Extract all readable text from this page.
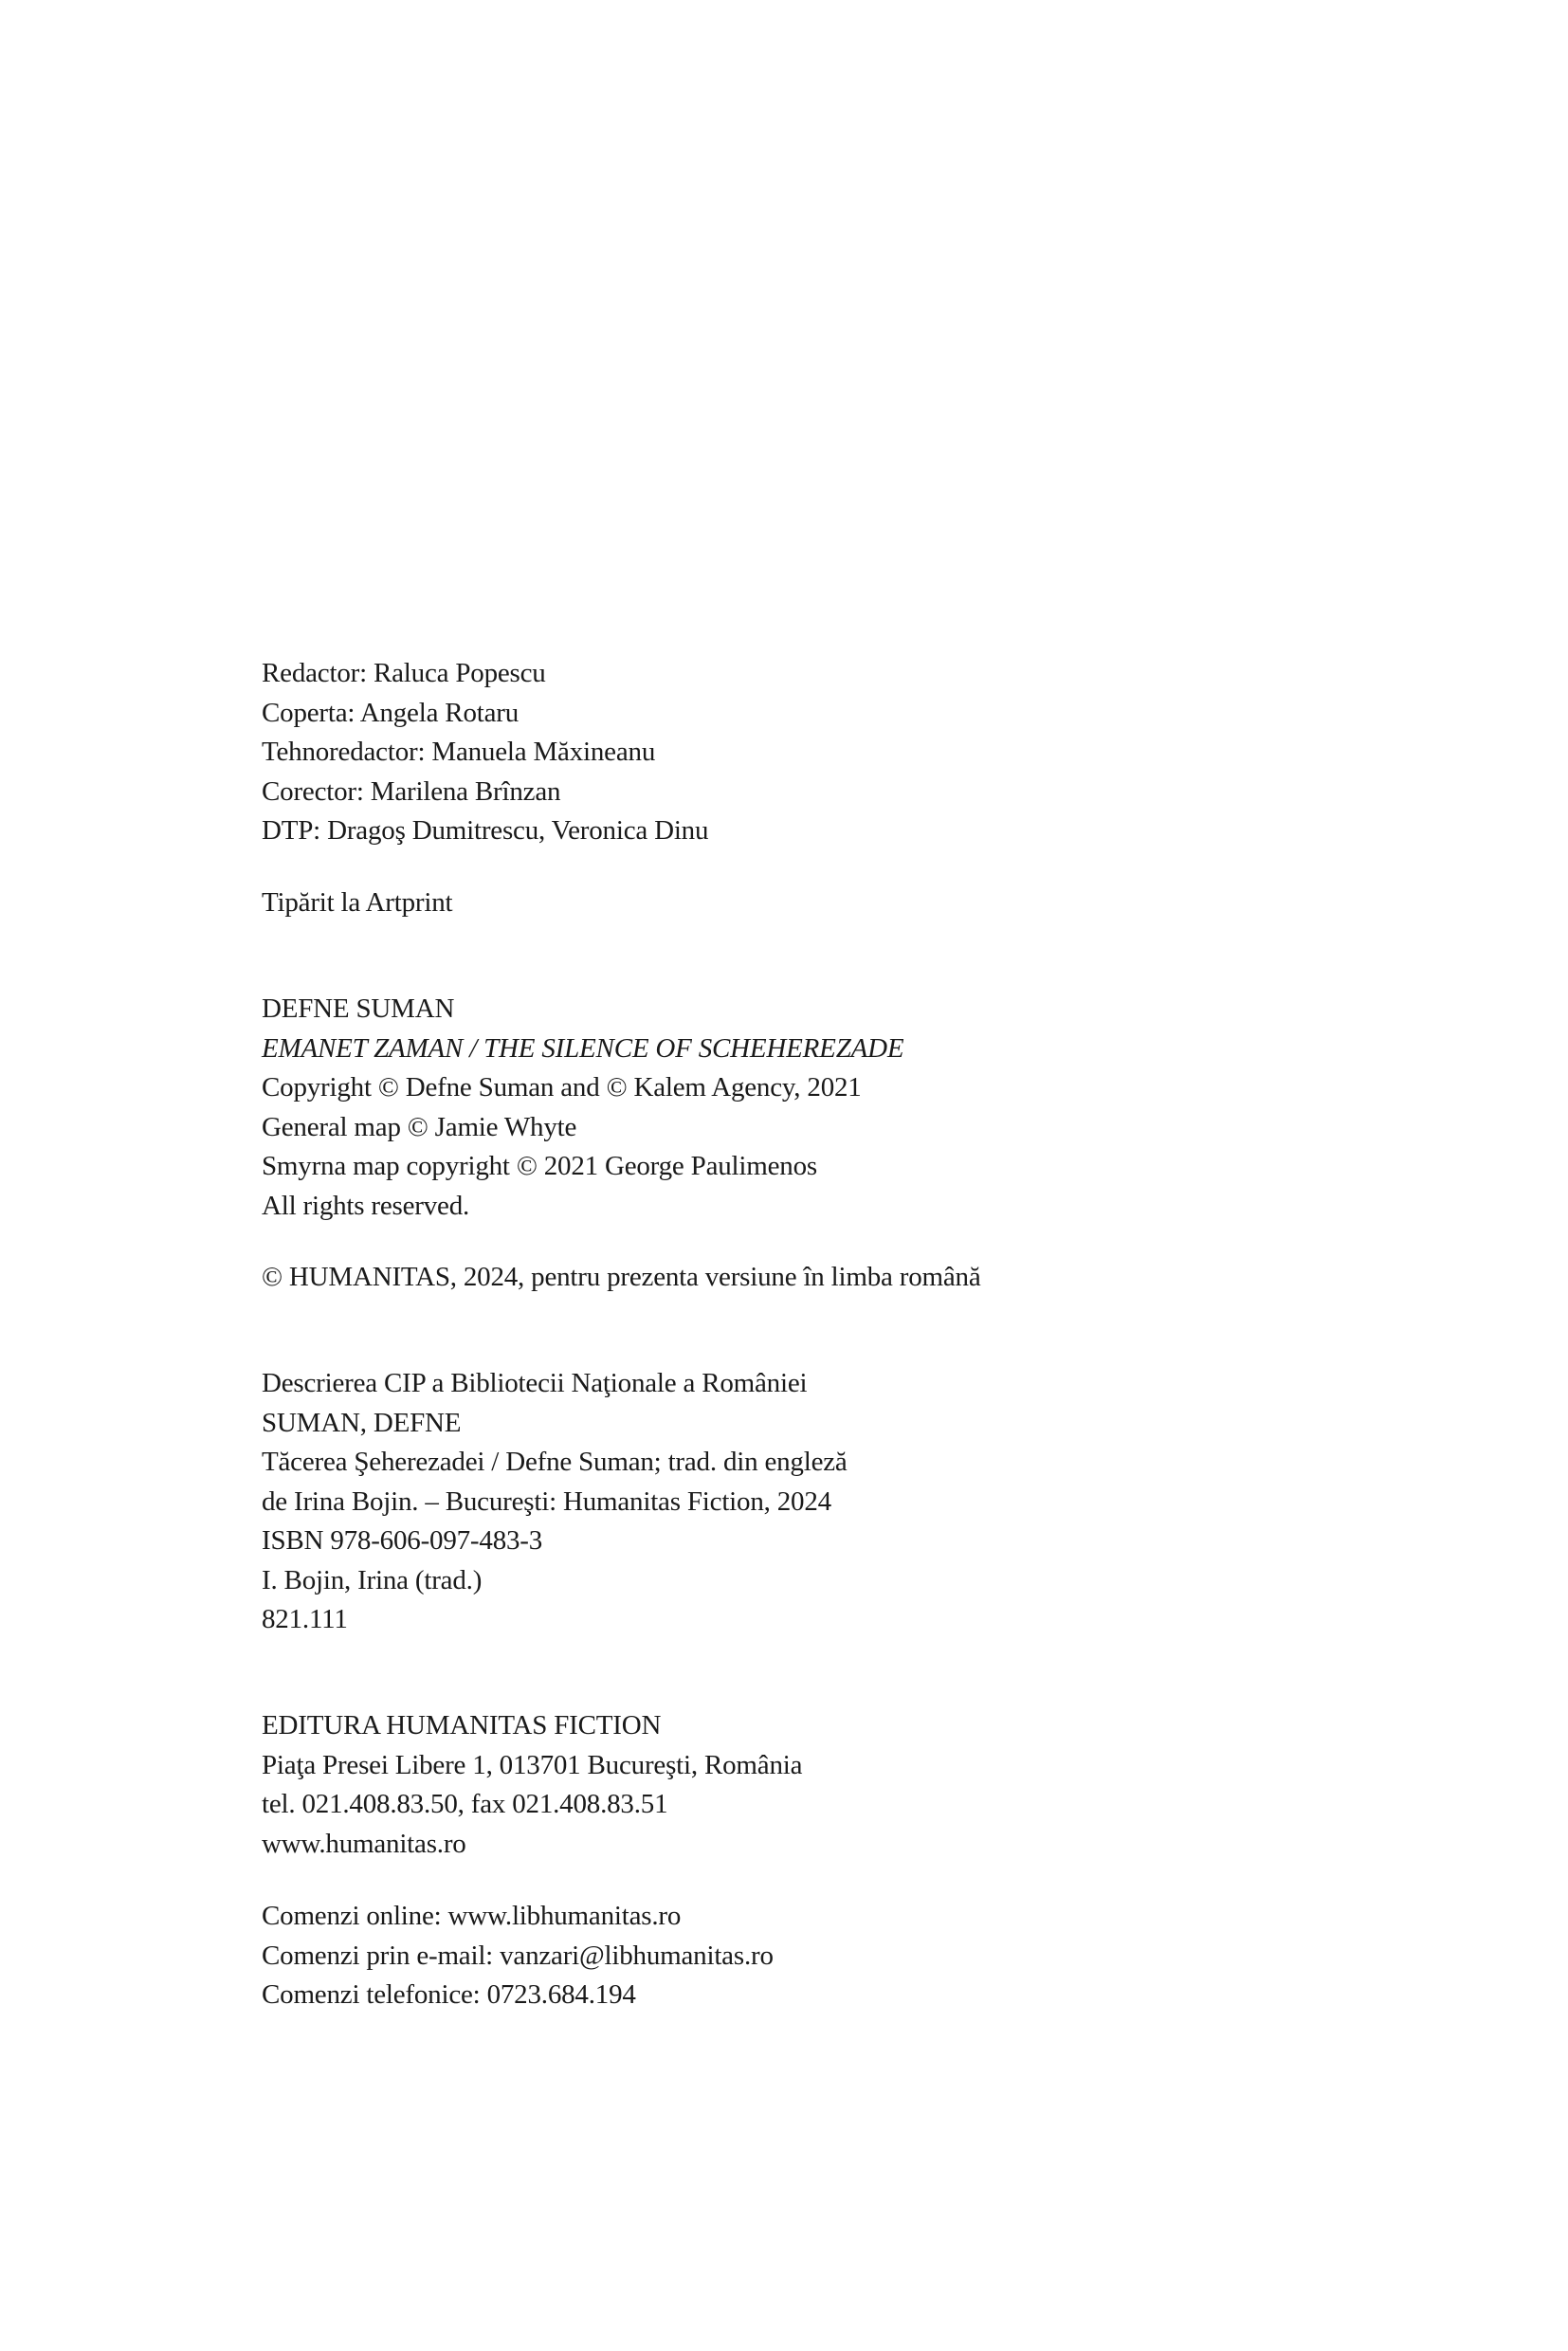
Redactor: Raluca Popescu
Coperta: Angela Rotaru
Tehnoredactor: Manuela Măxineanu
Corector: Marilena Brînzan
DTP: Dragoş Dumitrescu, Veronica Dinu
Tipărit la Artprint
DEFNE SUMAN
EMANET ZAMAN / THE SILENCE OF SCHEHEREZADE
Copyright © Defne Suman and © Kalem Agency, 2021
General map © Jamie Whyte
Smyrna map copyright © 2021 George Paulimenos
All rights reserved.
© HUMANITAS, 2024, pentru prezenta versiune în limba română
Descrierea CIP a Bibliotecii Naţionale a României
SUMAN, DEFNE
Tăcerea Şeherezadei / Defne Suman; trad. din engleză
de Irina Bojin. – Bucureşti: Humanitas Fiction, 2024
ISBN 978-606-097-483-3
I. Bojin, Irina (trad.)
821.111
EDITURA HUMANITAS FICTION
Piaţa Presei Libere 1, 013701 Bucureşti, România
tel. 021.408.83.50, fax 021.408.83.51
www.humanitas.ro
Comenzi online: www.libhumanitas.ro
Comenzi prin e-mail: vanzari@libhumanitas.ro
Comenzi telefonice: 0723.684.194
